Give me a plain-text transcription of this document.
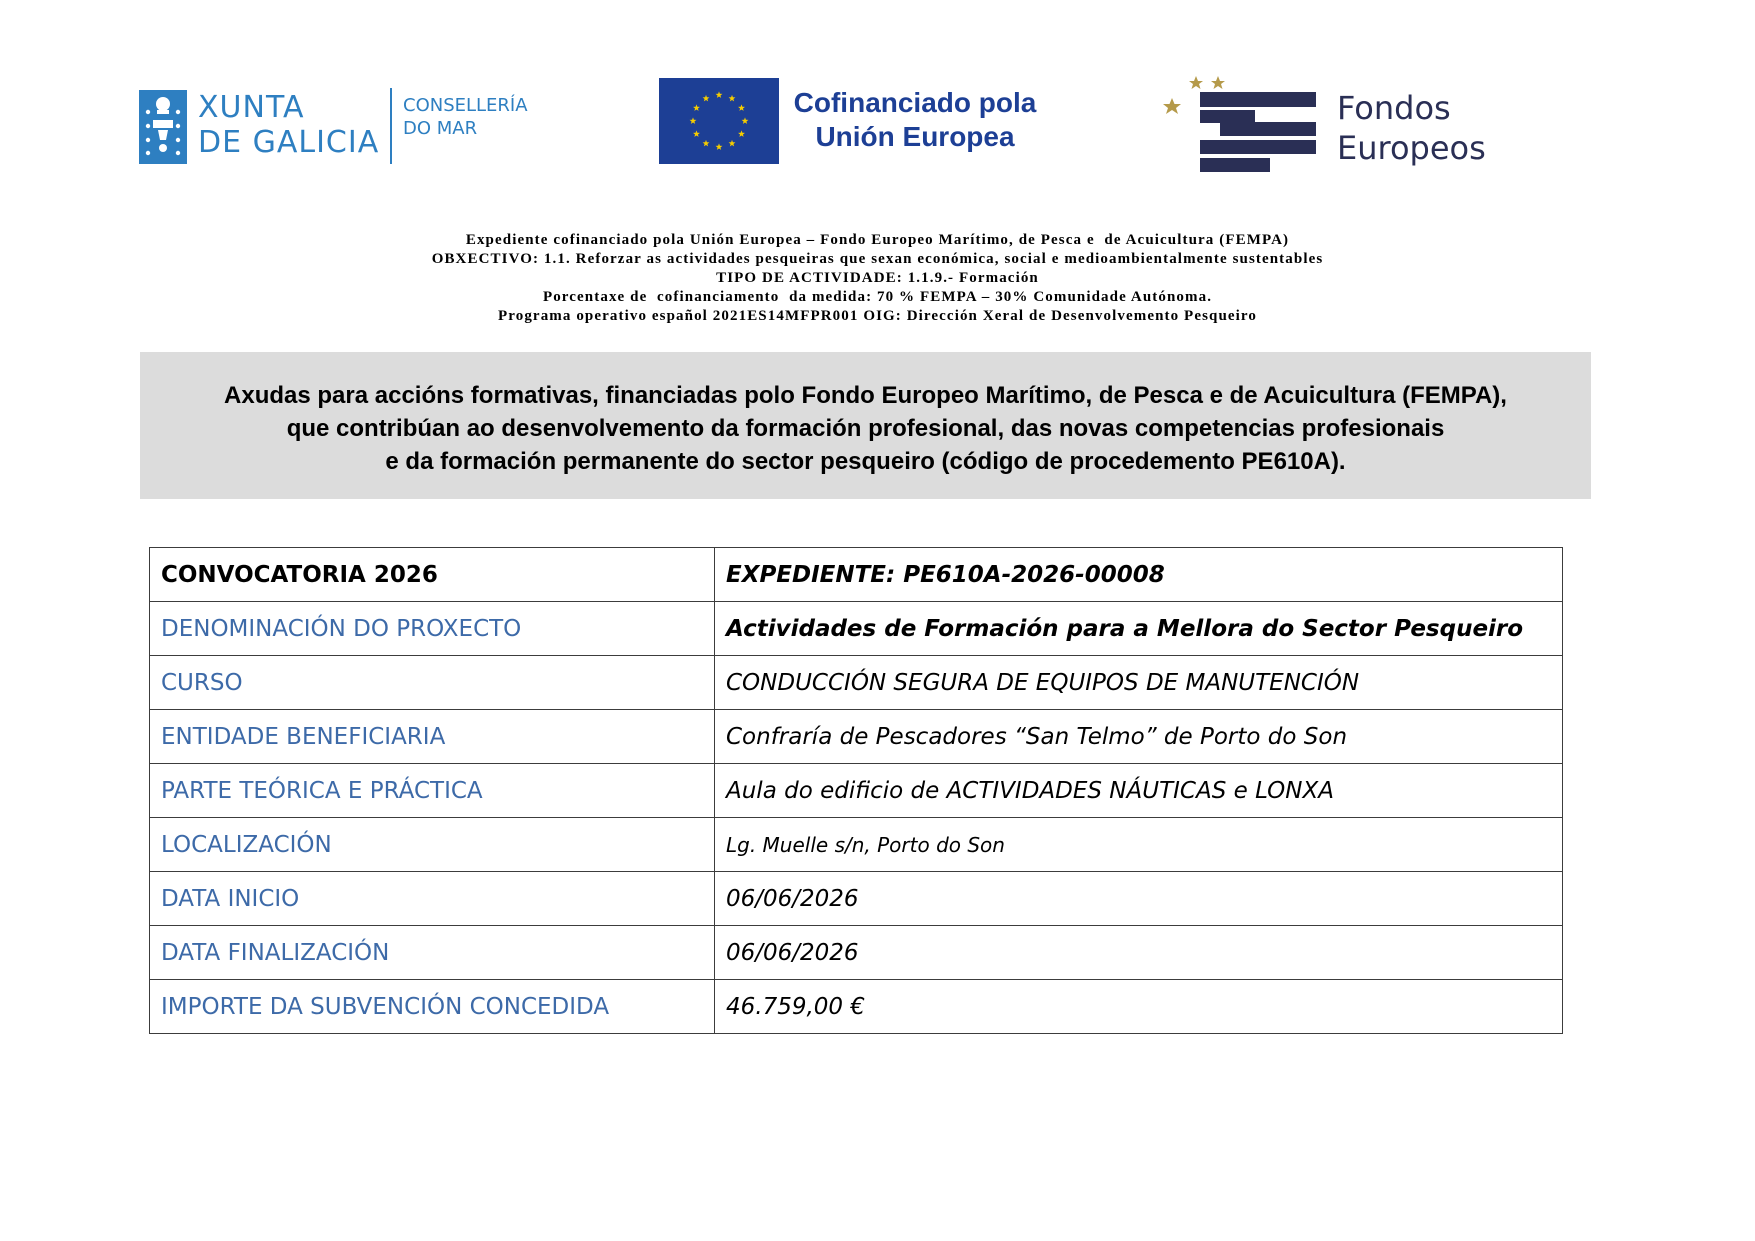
XUNTA
DE GALICIA
CONSELLERÍA
DO MAR
Cofinanciado pola
Unión Europea
Fondos
Europeos
Expediente cofinanciado pola Unión Europea – Fondo Europeo Marítimo, de Pesca e  de Acuicultura (FEMPA)
OBXECTIVO: 1.1. Reforzar as actividades pesqueiras que sexan económica, social e medioambientalmente sustentables
TIPO DE ACTIVIDADE: 1.1.9.- Formación
Porcentaxe de  cofinanciamento  da medida: 70 % FEMPA – 30% Comunidade Autónoma.
Programa operativo español 2021ES14MFPR001 OIG: Dirección Xeral de Desenvolvemento Pesqueiro
Axudas para accións formativas, financiadas polo Fondo Europeo Marítimo, de Pesca e de Acuicultura (FEMPA),
que contribúan ao desenvolvemento da formación profesional, das novas competencias profesionais
e da formación permanente do sector pesqueiro (código de procedemento PE610A).
CONVOCATORIA 2026	EXPEDIENTE: PE610A-2026-00008
DENOMINACIÓN DO PROXECTO	Actividades de Formación para a Mellora do Sector Pesqueiro
CURSO	CONDUCCIÓN SEGURA DE EQUIPOS DE MANUTENCIÓN
ENTIDADE BENEFICIARIA	Confraría de Pescadores “San Telmo” de Porto do Son
PARTE TEÓRICA E PRÁCTICA	Aula do edificio de ACTIVIDADES NÁUTICAS e LONXA
LOCALIZACIÓN	Lg. Muelle s/n, Porto do Son
DATA INICIO	06/06/2026
DATA FINALIZACIÓN	06/06/2026
IMPORTE DA SUBVENCIÓN CONCEDIDA	46.759,00 €
